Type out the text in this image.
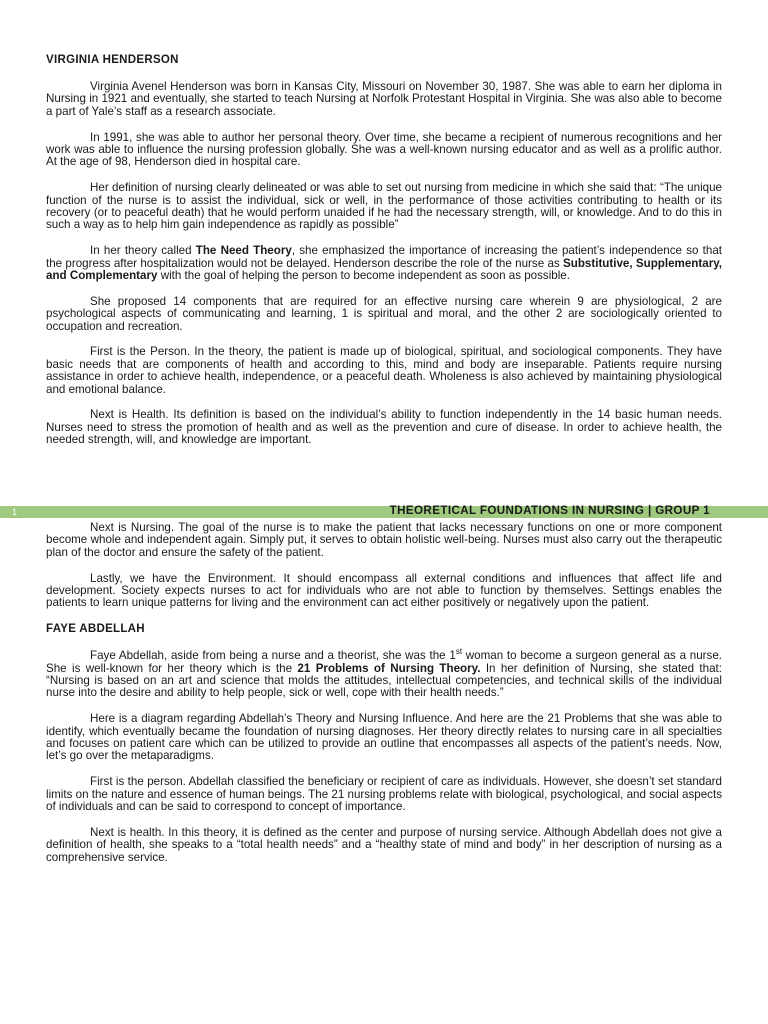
VIRGINIA HENDERSON

Virginia Avenel Henderson was born in Kansas City, Missouri on November 30, 1987. She was able to earn her diploma in Nursing in 1921 and eventually, she started to teach Nursing at Norfolk Protestant Hospital in Virginia. She was also able to become a part of Yale’s staff as a research associate.

In 1991, she was able to author her personal theory. Over time, she became a recipient of numerous recognitions and her work was able to influence the nursing profession globally. She was a well-known nursing educator and as well as a prolific author. At the age of 98, Henderson died in hospital care.

Her definition of nursing clearly delineated or was able to set out nursing from medicine in which she said that: “The unique function of the nurse is to assist the individual, sick or well, in the performance of those activities contributing to health or its recovery (or to peaceful death) that he would perform unaided if he had the necessary strength, will, or knowledge. And to do this in such a way as to help him gain independence as rapidly as possible”

In her theory called The Need Theory, she emphasized the importance of increasing the patient’s independence so that the progress after hospitalization would not be delayed. Henderson describe the role of the nurse as Substitutive, Supplementary, and Complementary with the goal of helping the person to become independent as soon as possible.

She proposed 14 components that are required for an effective nursing care wherein 9 are physiological, 2 are psychological aspects of communicating and learning, 1 is spiritual and moral, and the other 2 are sociologically oriented to occupation and recreation.

First is the Person. In the theory, the patient is made up of biological, spiritual, and sociological components. They have basic needs that are components of health and according to this, mind and body are inseparable. Patients require nursing assistance in order to achieve health, independence, or a peaceful death. Wholeness is also achieved by maintaining physiological and emotional balance.

Next is Health. Its definition is based on the individual’s ability to function independently in the 14 basic human needs. Nurses need to stress the promotion of health and as well as the prevention and cure of disease. In order to achieve health, the needed strength, will, and knowledge are important.

Next is Nursing. The goal of the nurse is to make the patient that lacks necessary functions on one or more component become whole and independent again. Simply put, it serves to obtain holistic well-being. Nurses must also carry out the therapeutic plan of the doctor and ensure the safety of the patient.

Lastly, we have the Environment. It should encompass all external conditions and influences that affect life and development. Society expects nurses to act for individuals who are not able to function by themselves. Settings enables the patients to learn unique patterns for living and the environment can act either positively or negatively upon the patient.

FAYE ABDELLAH

Faye Abdellah, aside from being a nurse and a theorist, she was the 1st woman to become a surgeon general as a nurse. She is well-known for her theory which is the 21 Problems of Nursing Theory. In her definition of Nursing, she stated that: “Nursing is based on an art and science that molds the attitudes, intellectual competencies, and technical skills of the individual nurse into the desire and ability to help people, sick or well, cope with their health needs.”

Here is a diagram regarding Abdellah’s Theory and Nursing Influence. And here are the 21 Problems that she was able to identify, which eventually became the foundation of nursing diagnoses. Her theory directly relates to nursing care in all specialties and focuses on patient care which can be utilized to provide an outline that encompasses all aspects of the patient’s needs. Now, let’s go over the metaparadigms.

First is the person. Abdellah classified the beneficiary or recipient of care as individuals. However, she doesn’t set standard limits on the nature and essence of human beings. The 21 nursing problems relate with biological, psychological, and social aspects of individuals and can be said to correspond to concept of importance.

Next is health. In this theory, it is defined as the center and purpose of nursing service. Although Abdellah does not give a definition of health, she speaks to a “total health needs” and a “healthy state of mind and body” in her description of nursing as a comprehensive service.

1	THEORETICAL FOUNDATIONS IN NURSING | GROUP 1
